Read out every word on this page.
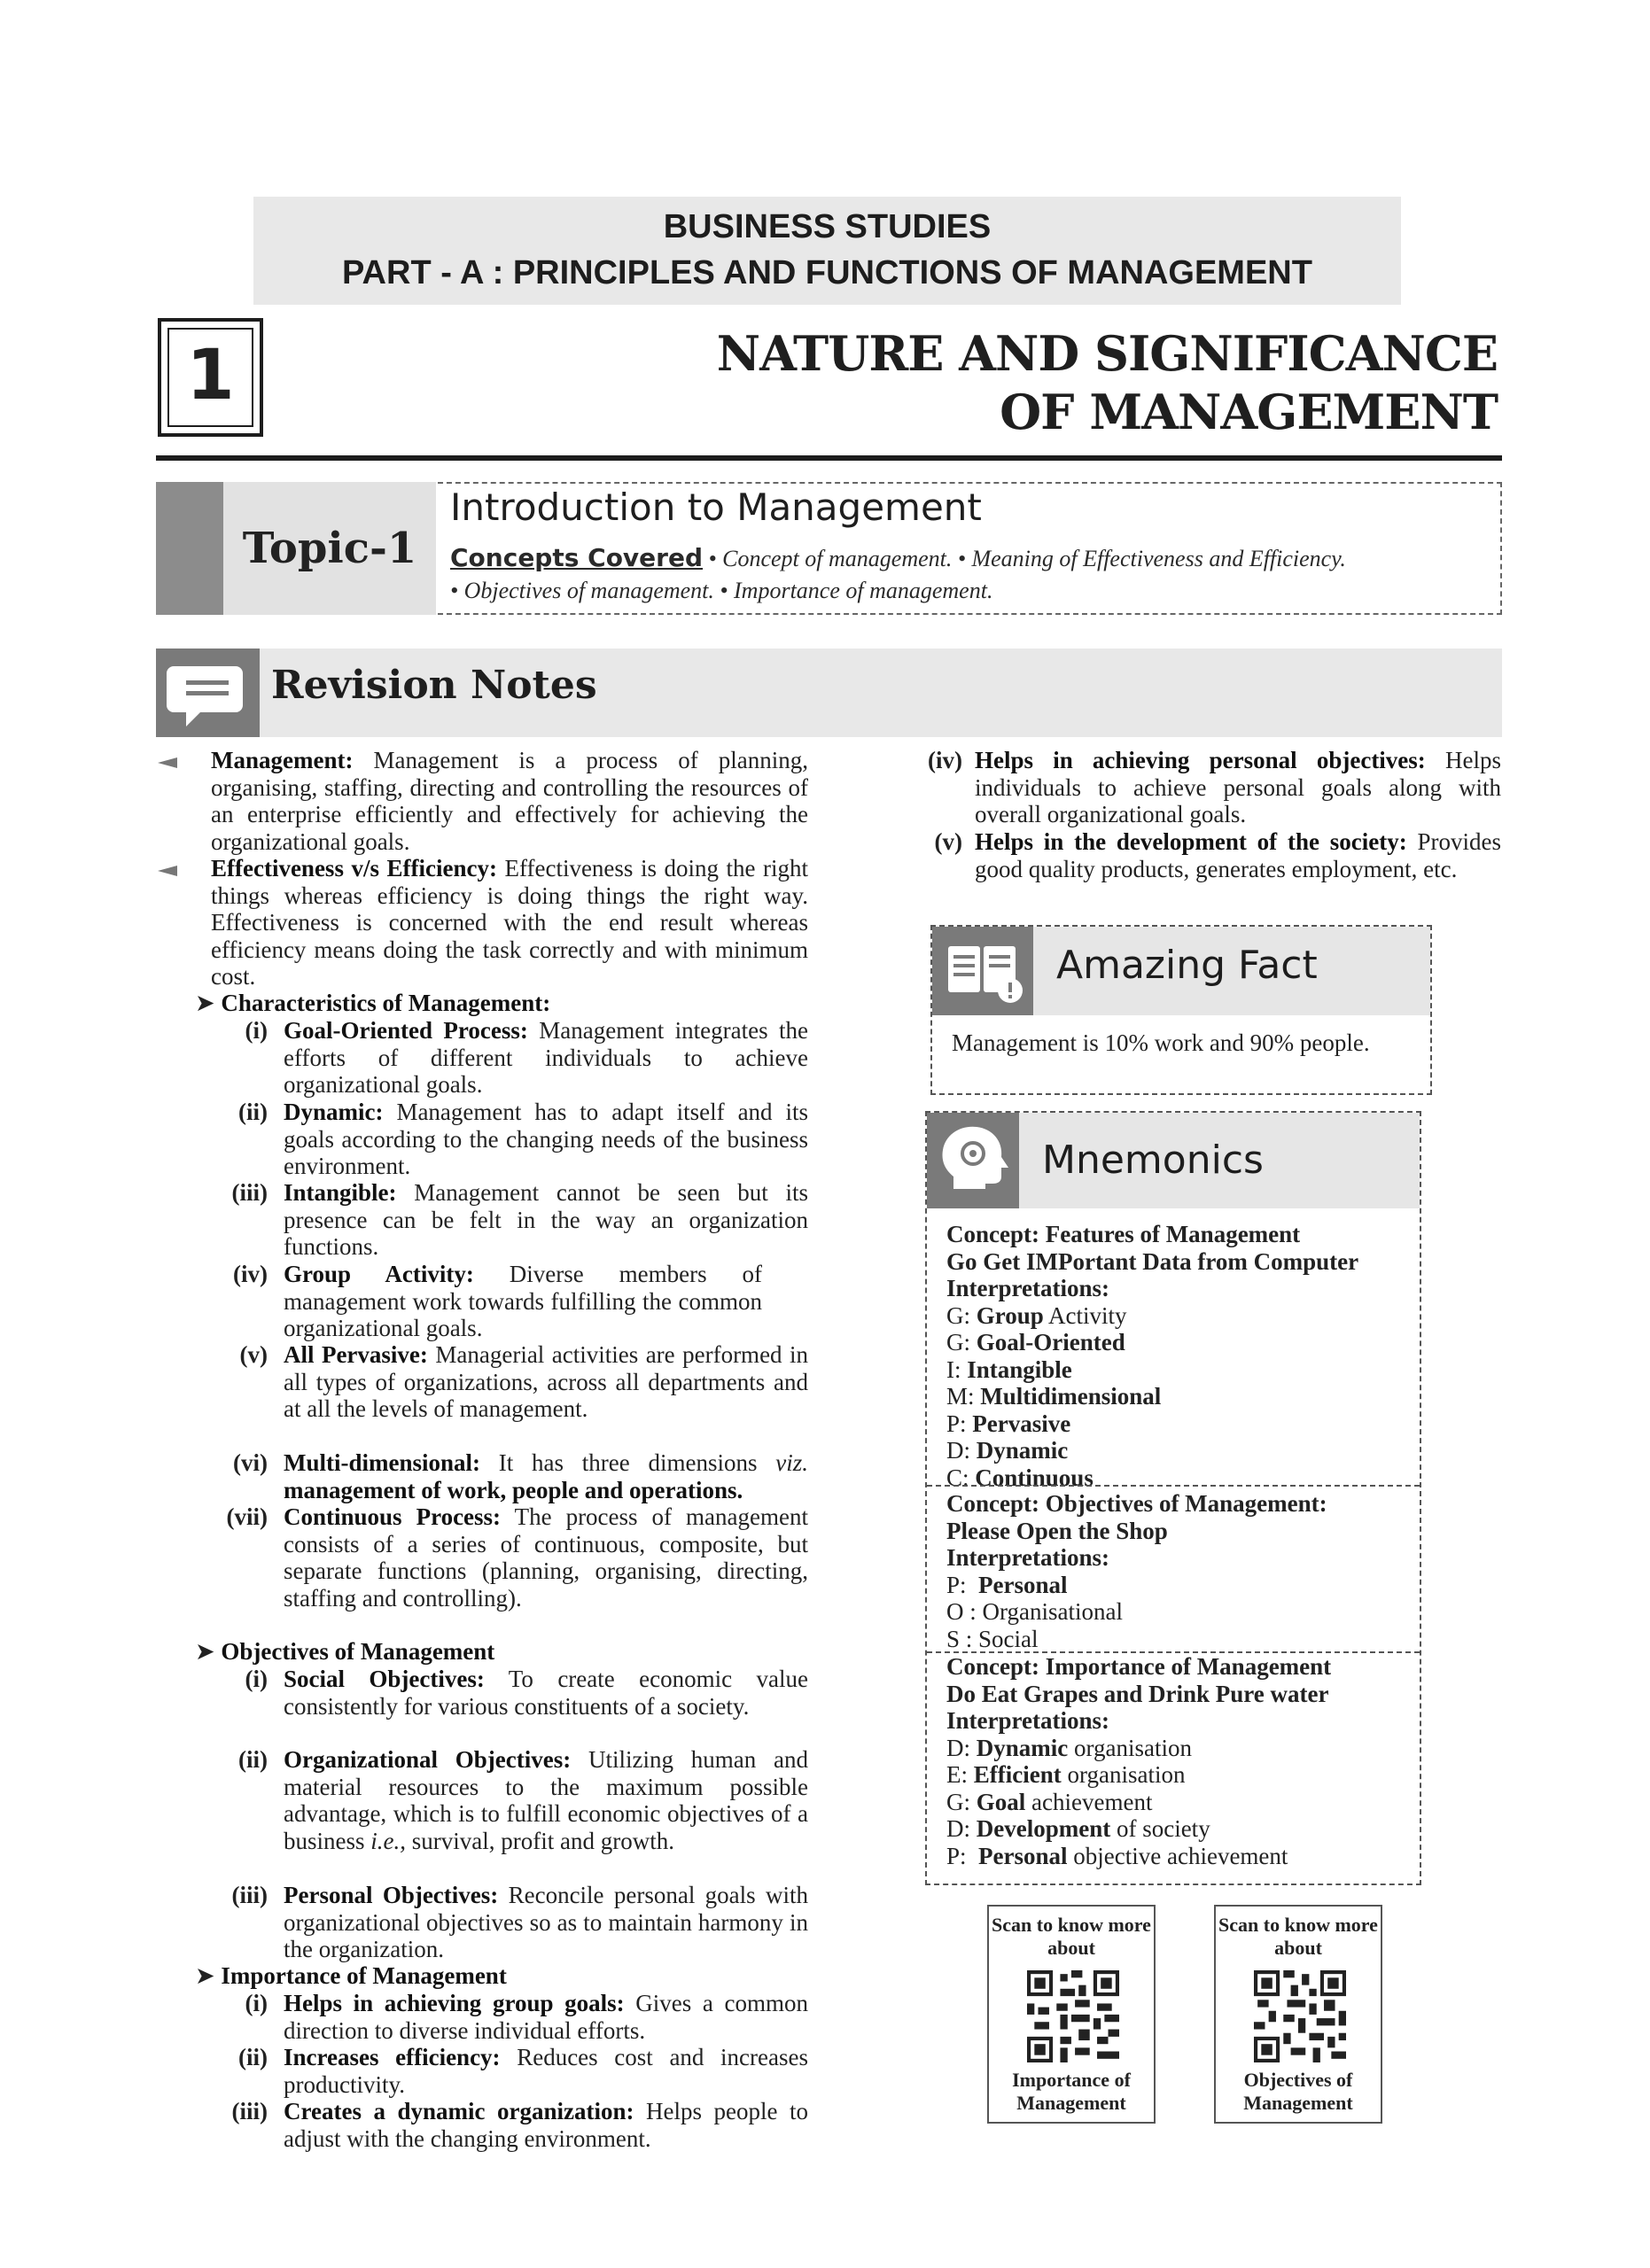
BUSINESS STUDIES
PART - A : PRINCIPLES AND FUNCTIONS OF MANAGEMENT
1	NATURE AND SIGNIFICANCE
OF MANAGEMENT
Topic-1
Introduction to Management
Concepts Covered • Concept of management. • Meaning of Effectiveness and Efficiency.
• Objectives of management. • Importance of management.
Revision Notes
Management: Management is a process of planning, organising, staffing, directing and controlling the resources of an enterprise efficiently and effectively for achieving the organizational goals.
Effectiveness v/s Efficiency: Effectiveness is doing the right things whereas efficiency is doing things the right way. Effectiveness is concerned with the end result whereas efficiency means doing the task correctly and with minimum cost.
➤ Characteristics of Management:
(i) Goal-Oriented Process: Management integrates the efforts of different individuals to achieve organizational goals.
(ii) Dynamic: Management has to adapt itself and its goals according to the changing needs of the business environment.
(iii) Intangible: Management cannot be seen but its presence can be felt in the way an organization functions.
(iv) Group Activity: Diverse members of management work towards fulfilling the common organizational goals.
(v) All Pervasive: Managerial activities are performed in all types of organizations, across all departments and at all the levels of management.
(vi) Multi-dimensional: It has three dimensions viz. management of work, people and operations.
(vii) Continuous Process: The process of management consists of a series of continuous, composite, but separate functions (planning, organising, directing, staffing and controlling).
➤ Objectives of Management
(i) Social Objectives: To create economic value consistently for various constituents of a society.
(ii) Organizational Objectives: Utilizing human and material resources to the maximum possible advantage, which is to fulfill economic objectives of a business i.e., survival, profit and growth.
(iii) Personal Objectives: Reconcile personal goals with organizational objectives so as to maintain harmony in the organization.
➤ Importance of Management
(i) Helps in achieving group goals: Gives a common direction to diverse individual efforts.
(ii) Increases efficiency: Reduces cost and increases productivity.
(iii) Creates a dynamic organization: Helps people to adjust with the changing environment.
(iv) Helps in achieving personal objectives: Helps individuals to achieve personal goals along with overall organizational goals.
(v) Helps in the development of the society: Provides good quality products, generates employment, etc.
Amazing Fact
Management is 10% work and 90% people.
Mnemonics
Concept: Features of Management
Go Get IMPortant Data from Computer
Interpretations:
G: Group Activity
G: Goal-Oriented
I: Intangible
M: Multidimensional
P: Pervasive
D: Dynamic
C: Continuous
Concept: Objectives of Management:
Please Open the Shop
Interpretations:
P: Personal
O : Organisational
S : Social
Concept: Importance of Management
Do Eat Grapes and Drink Pure water
Interpretations:
D: Dynamic organisation
E: Efficient organisation
G: Goal achievement
D: Development of society
P: Personal objective achievement
Scan to know more about
Importance of Management
Scan to know more about
Objectives of Management
